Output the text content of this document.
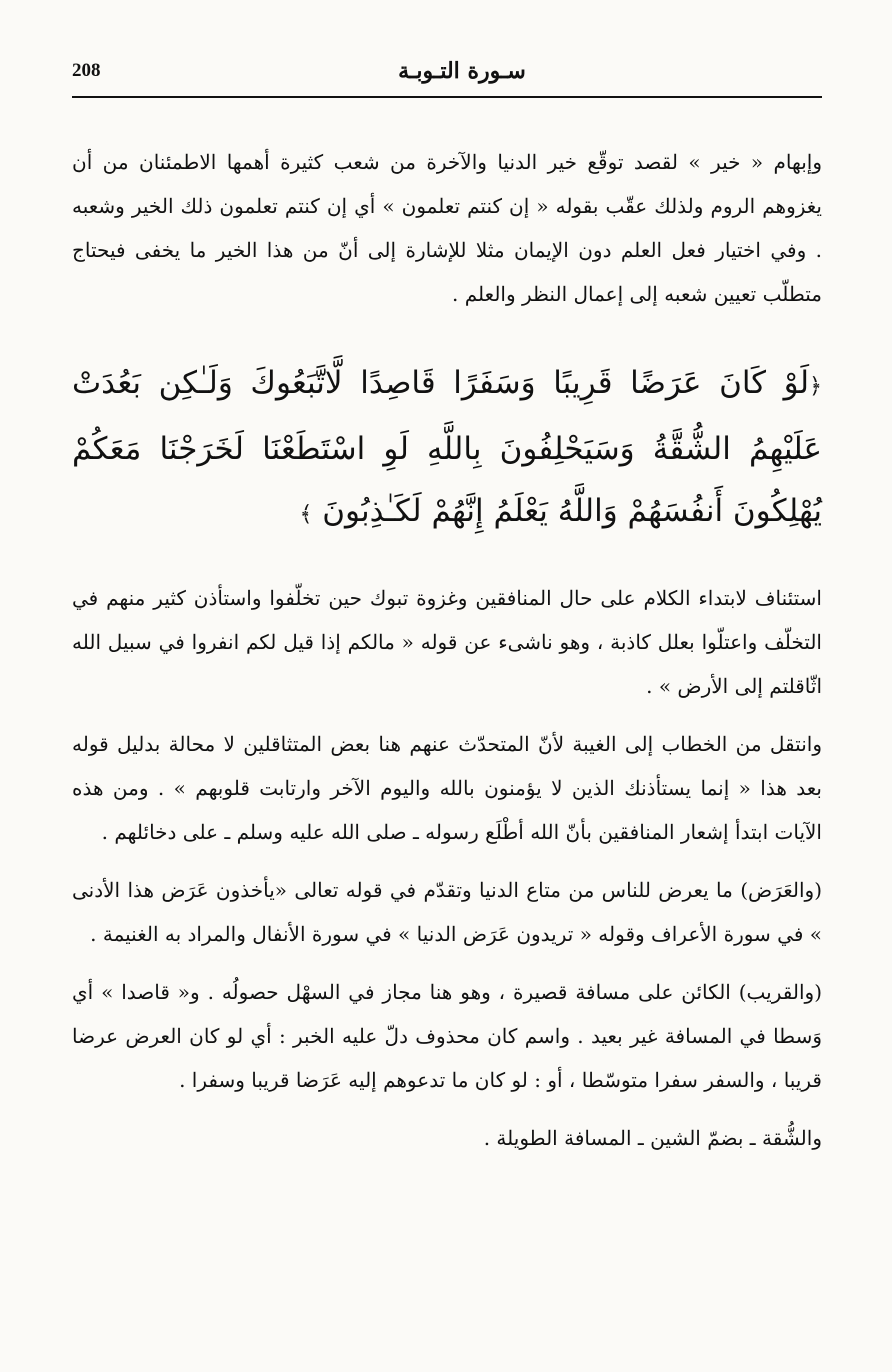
208	سـورة التـوبـة

وإبهام « خير » لقصد توقّع خير الدنيا والآخرة من شعب كثيرة أهمها الاطمئنان من أن يغزوهم الروم ولذلك عقّب بقوله « إن كنتم تعلمون » أي إن كنتم تعلمون ذلك الخير وشعبه . وفي اختيار فعل العلم دون الإيمان مثلا للإشارة إلى أنّ من هذا الخير ما يخفى فيحتاج متطلّب تعيين شعبه إلى إعمال النظر والعلم .

﴿لَوْ كَانَ عَرَضًا قَرِيبًا وَسَفَرًا قَاصِدًا لَّاتَّبَعُوكَ وَلَـٰكِن بَعُدَتْ عَلَيْهِمُ الشُّقَّةُ وَسَيَحْلِفُونَ بِاللَّهِ لَوِ اسْتَطَعْنَا لَخَرَجْنَا مَعَكُمْ يُهْلِكُونَ أَنفُسَهُمْ وَاللَّهُ يَعْلَمُ إِنَّهُمْ لَكَـٰذِبُونَ ﴾

استئناف لابتداء الكلام على حال المنافقين وغزوة تبوك حين تخلّفوا واستأذن كثير منهم في التخلّف واعتلّوا بعلل كاذبة ، وهو ناشىء عن قوله « مالكم إذا قيل لكم انفروا في سبيل الله اثّاقلتم إلى الأرض » .

وانتقل من الخطاب إلى الغيبة لأنّ المتحدّث عنهم هنا بعض المتثاقلين لا محالة بدليل قوله بعد هذا « إنما يستأذنك الذين لا يؤمنون بالله واليوم الآخر وارتابت قلوبهم » . ومن هذه الآيات ابتدأ إشعار المنافقين بأنّ الله أطْلَع رسوله ـ صلى الله عليه وسلم ـ على دخائلهم .

(والعَرَض) ما يعرض للناس من متاع الدنيا وتقدّم في قوله تعالى «يأخذون عَرَض هذا الأدنى » في سورة الأعراف وقوله « تريدون عَرَض الدنيا » في سورة الأنفال والمراد به الغنيمة .

(والقريب) الكائن على مسافة قصيرة ، وهو هنا مجاز في السهْل حصولُه . و« قاصدا » أي وَسطا في المسافة غير بعيد . واسم كان محذوف دلّ عليه الخبر : أي لو كان العرض عرضا قريبا ، والسفر سفرا متوسّطا ، أو : لو كان ما تدعوهم إليه عَرَضا قريبا وسفرا .

والشُّقة ـ بضمّ الشين ـ المسافة الطويلة .
